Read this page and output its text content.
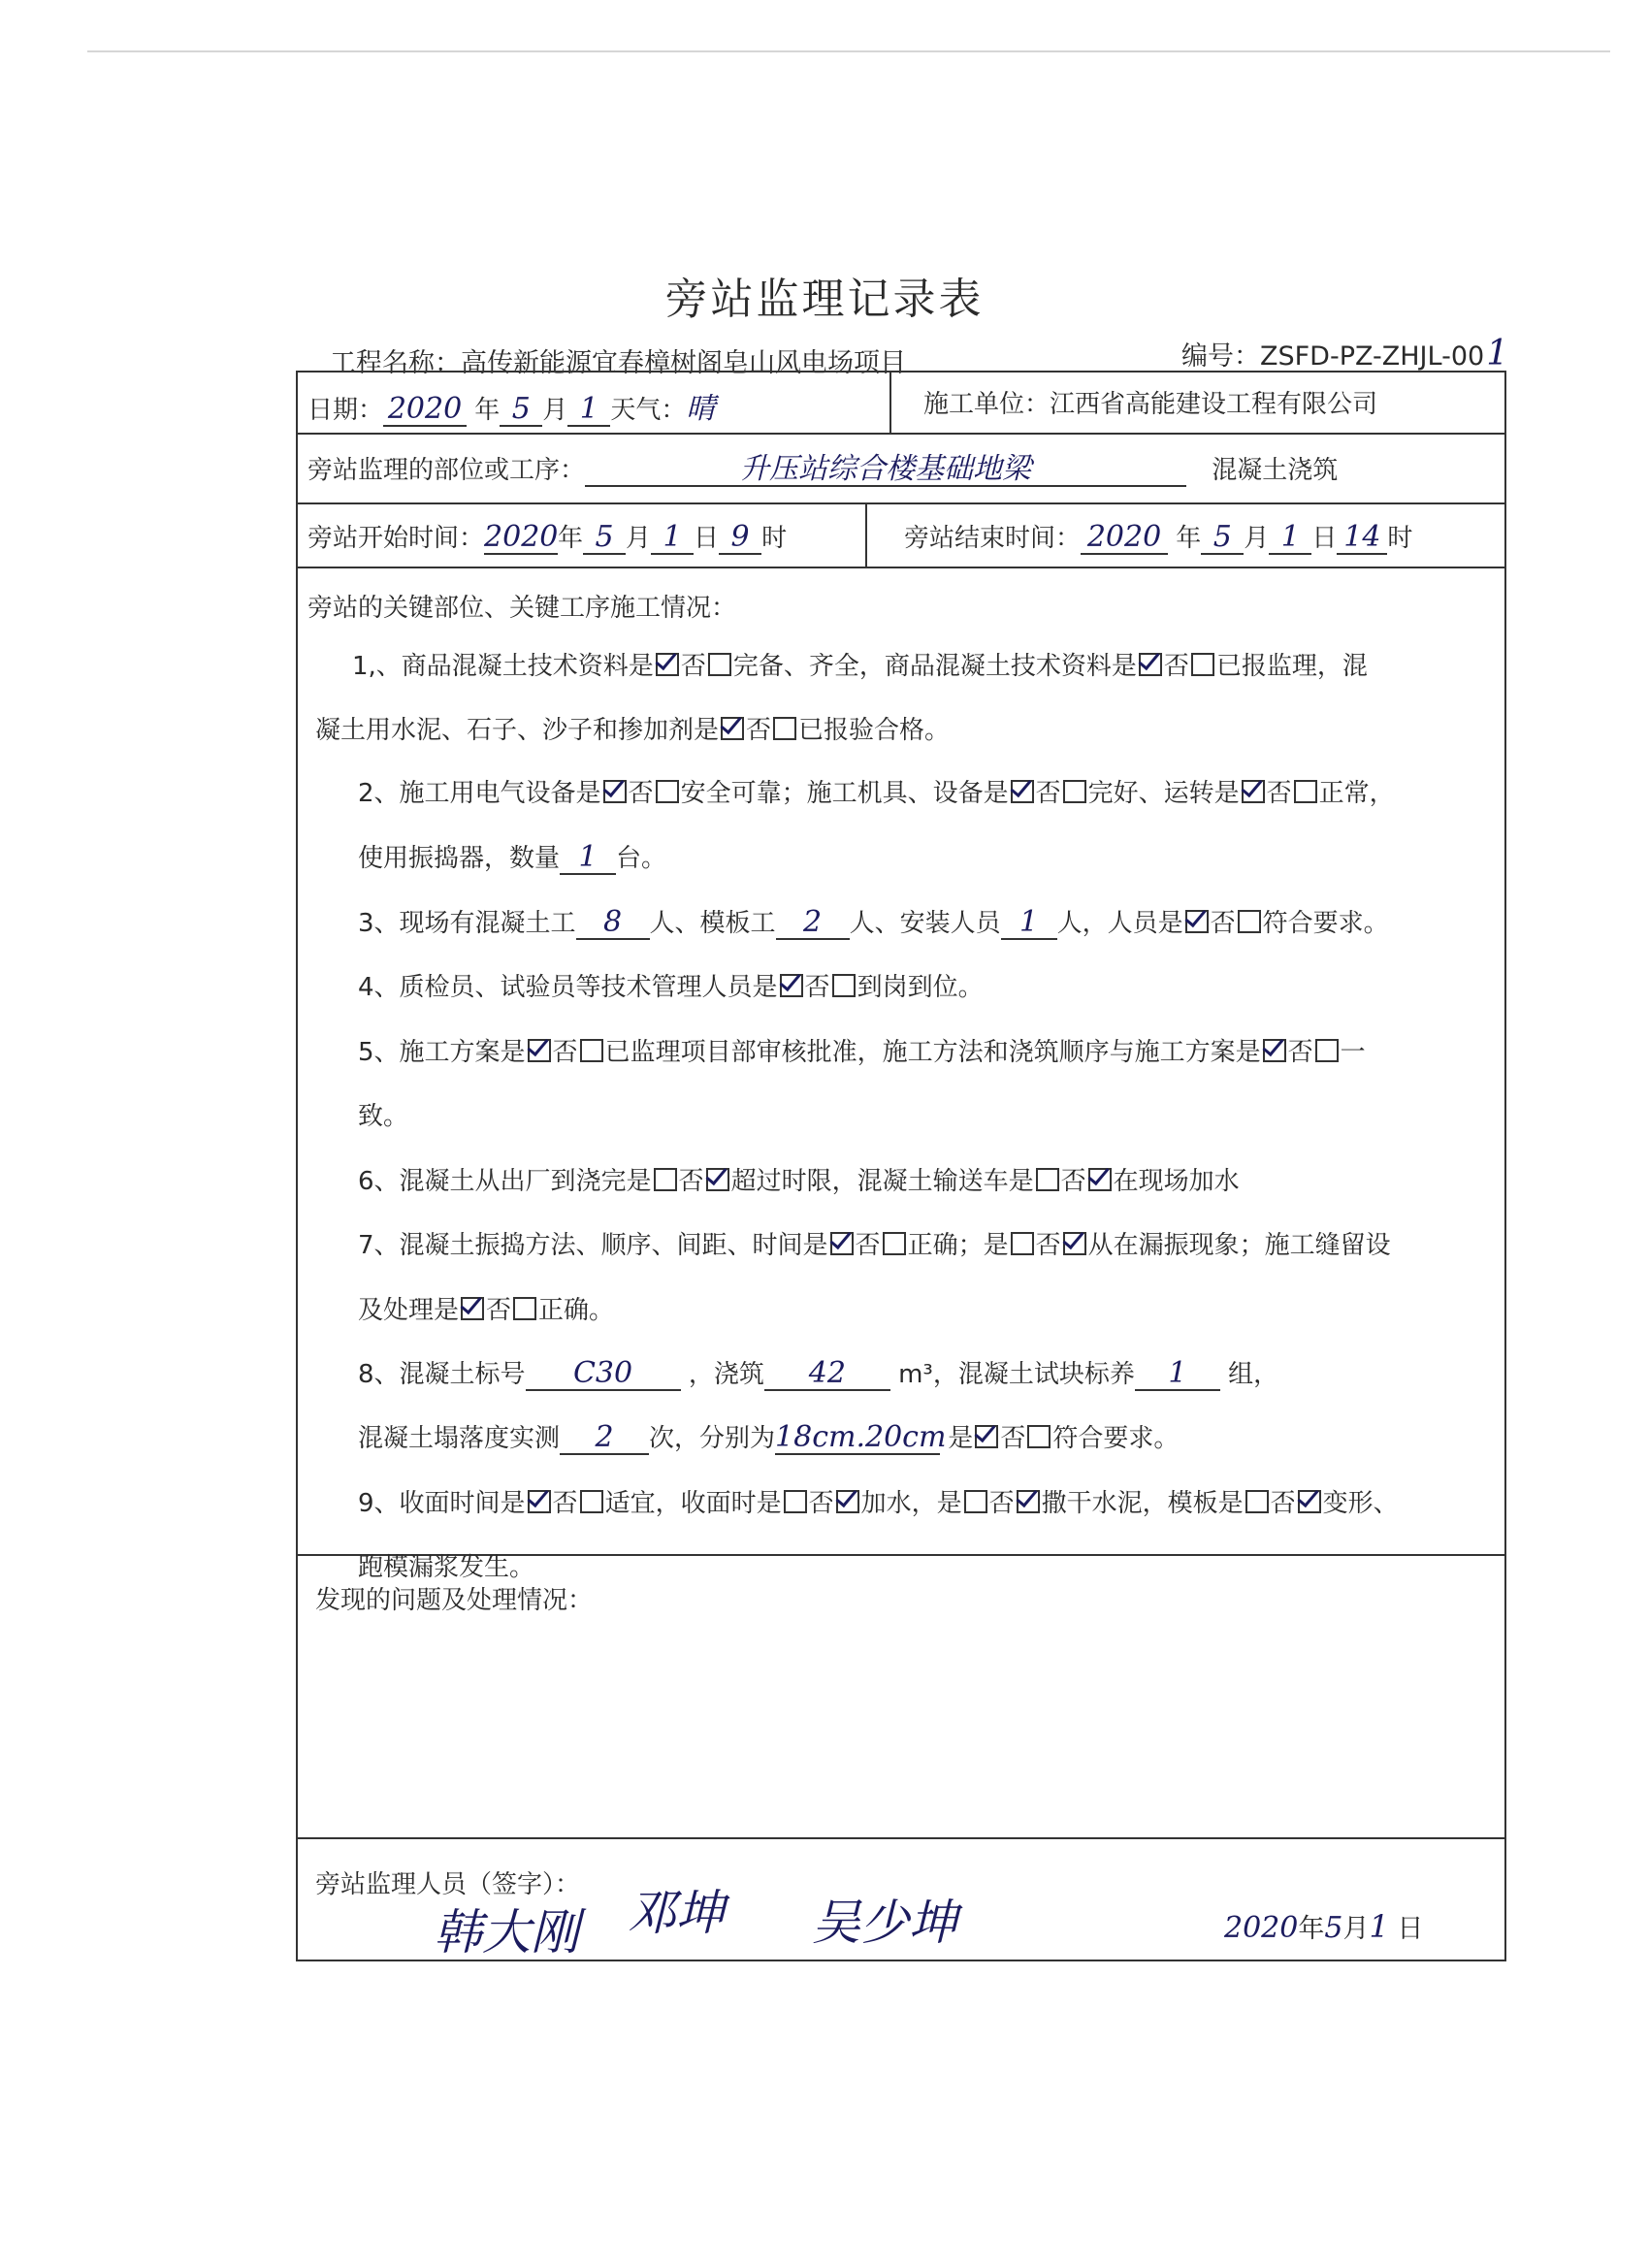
旁站监理记录表
工程名称：高传新能源宜春樟树阁皂山风电场项目	编号：ZSFD-PZ-ZHJL-001
日期： 2020 年 5 月 1 天气：晴	施工单位：江西省高能建设工程有限公司
旁站监理的部位或工序：	升压站综合楼基础地梁	混凝土浇筑
旁站开始时间：2020年 5 月 1 日 9 时	旁站结束时间： 2020 年 5 月 1 日 14 时
旁站的关键部位、关键工序施工情况：
1,、商品混凝土技术资料是 否 完备、齐全，商品混凝土技术资料是 否 已报监理，混
凝土用水泥、石子、沙子和掺加剂是 否 已报验合格。
2、施工用电气设备是 否 安全可靠；施工机具、设备是 否 完好、运转是 否 正常，
使用振捣器，数量 1 台。
3、现场有混凝土工 8 人、模板工 2 人、安装人员 1 人，人员是 否 符合要求。
4、质检员、试验员等技术管理人员是 否 到岗到位。
5、施工方案是 否 已监理项目部审核批准，施工方法和浇筑顺序与施工方案是 否 一
致。
6、混凝土从出厂到浇完是 否 超过时限，混凝土输送车是 否 在现场加水
7、混凝土振捣方法、顺序、间距、时间是 否 正确；是 否 从在漏振现象；施工缝留设
及处理是 否 正确。
8、混凝土标号 C30 ，浇筑 42 m³，混凝土试块标养 1 组，
混凝土塌落度实测 2 次，分别为18cm.20cm 是 否 符合要求。
9、收面时间是 否 适宜，收面时是 否 加水，是 否 撒干水泥，模板是 否 变形、
跑模漏浆发生。
发现的问题及处理情况：
旁站监理人员（签字）：
韩大刚 邓坤 吴少坤	2020年5月1 日
